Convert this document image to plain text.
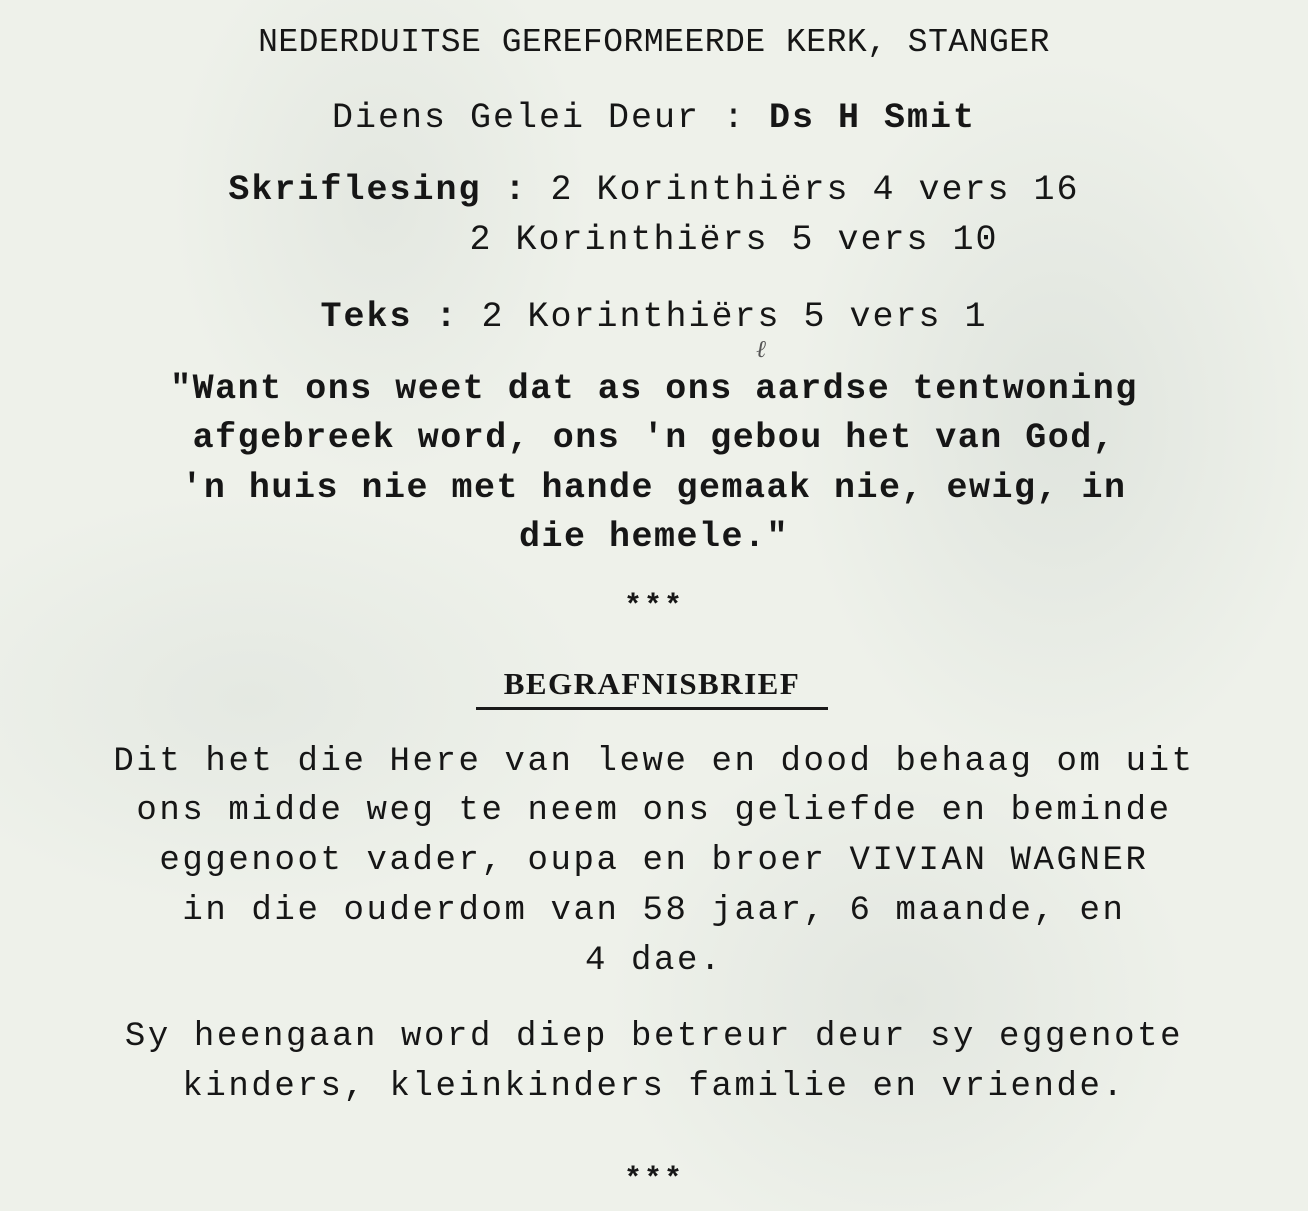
NEDERDUITSE GEREFORMEERDE KERK, STANGER
Diens Gelei Deur : Ds H Smit
Skriflesing : 2 Korinthiërs 4 vers 16
2 Korinthiërs 5 vers 10
Teks : 2 Korinthiërs 5 vers 1
ℓ
"Want ons weet dat as ons aardse tentwoning
afgebreek word, ons 'n gebou het van God,
'n huis nie met hande gemaak nie, ewig, in
die hemele."
***
BEGRAFNISBRIEF
Dit het die Here van lewe en dood behaag om uit
ons midde weg te neem ons geliefde en beminde
eggenoot vader, oupa en broer VIVIAN WAGNER
in die ouderdom van 58 jaar, 6 maande, en
4 dae.
Sy heengaan word diep betreur deur sy eggenote
kinders, kleinkinders familie en vriende.
***
